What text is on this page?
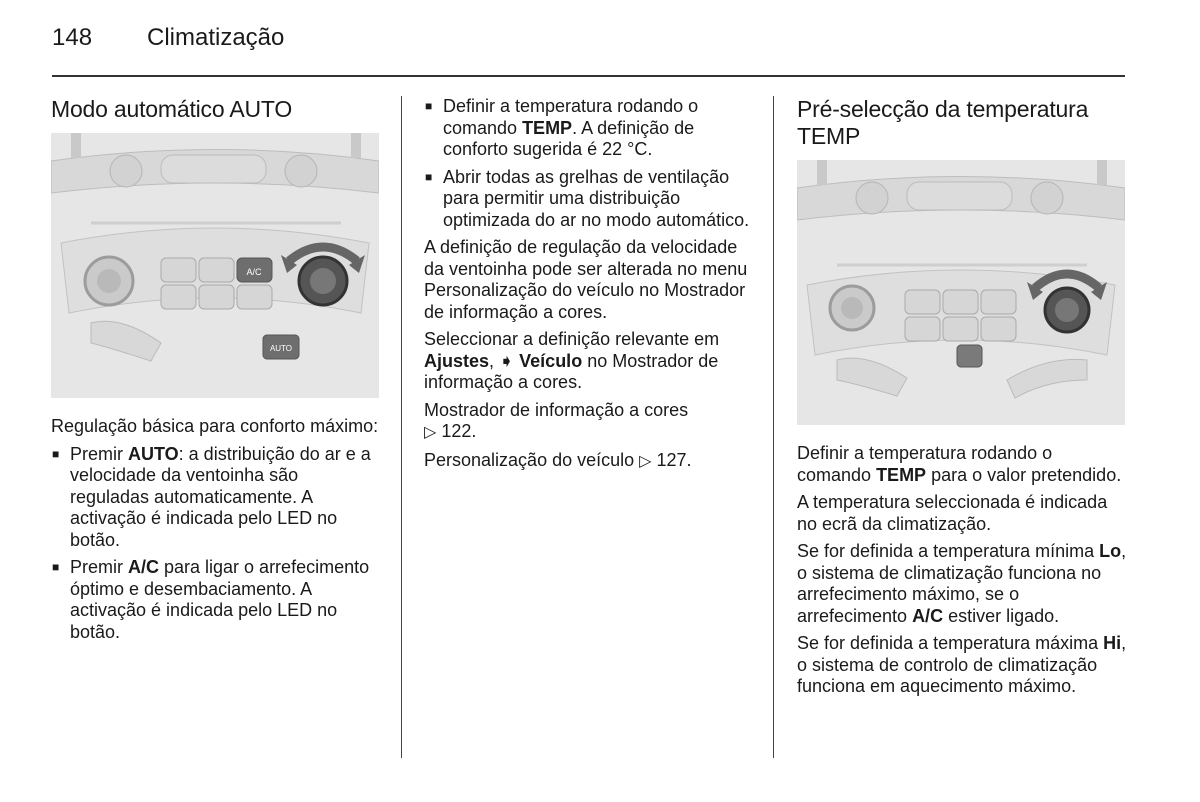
148	Climatização
Modo automático AUTO
A/C
AUTO

Regulação básica para conforto máximo:

■ Premir AUTO: a distribuição do ar e a velocidade da ventoinha são reguladas automaticamente. A activação é indicada pelo LED no botão.
■ Premir A/C para ligar o arrefecimento óptimo e desembaciamento. A activação é indicada pelo LED no botão.
■ Definir a temperatura rodando o comando TEMP. A definição de conforto sugerida é 22 °C.
■ Abrir todas as grelhas de ventilação para permitir uma distribuição optimizada do ar no modo automático.

A definição de regulação da velocidade da ventoinha pode ser alterada no menu Personalização do veículo no Mostrador de informação a cores.

Seleccionar a definição relevante em Ajustes, ➧ Veículo no Mostrador de informação a cores.

Mostrador de informação a cores
▷ 122.

Personalização do veículo ▷ 127.

Pré-selecção da temperatura TEMP

Definir a temperatura rodando o comando TEMP para o valor pretendido.

A temperatura seleccionada é indicada no ecrã da climatização.

Se for definida a temperatura mínima Lo, o sistema de climatização funciona no arrefecimento máximo, se o arrefecimento A/C estiver ligado.

Se for definida a temperatura máxima Hi, o sistema de controlo de climatização funciona em aquecimento máximo.
